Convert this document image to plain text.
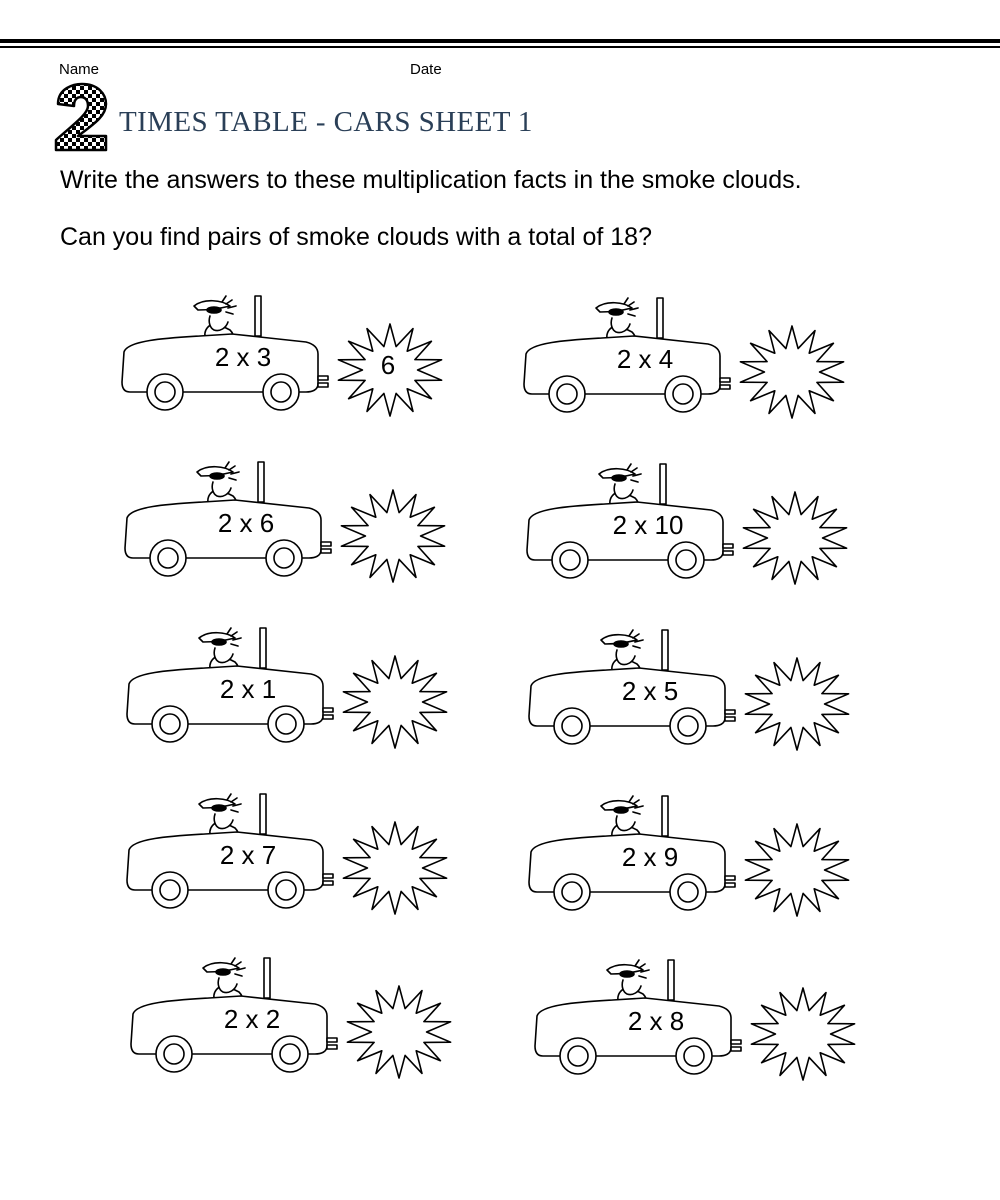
Name	Date
TIMES TABLE - CARS SHEET 1
Write the answers to these multiplication facts in the smoke clouds.
Can you find pairs of smoke clouds with a total of 18?
2 x 3	6	2 x 4
2 x 6	2 x 10
2 x 1	2 x 5
2 x 7	2 x 9
2 x 2	2 x 8
